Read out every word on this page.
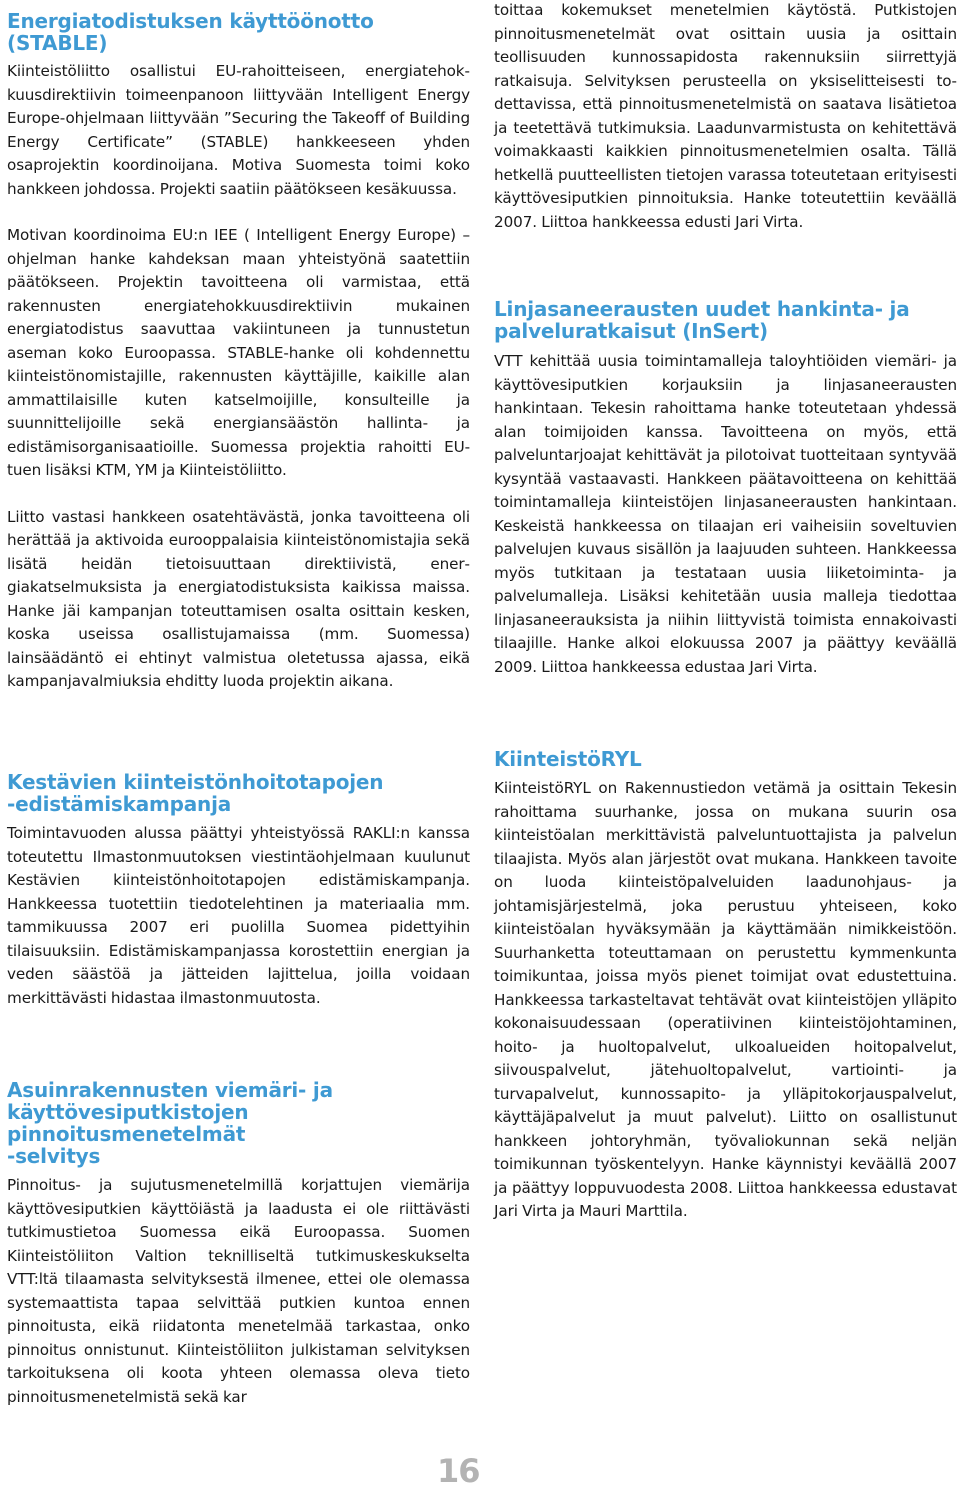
Energiatodistuksen käyttöönotto (STABLE)

Kiinteistöliitto osallistui EU-rahoitteiseen, energiatehokkuusdirektiivin toimeenpanoon liittyvään Intelligent Energy Europe-ohjelmaan liittyvään ”Securing the Takeoff of Building Energy Certificate” (STABLE) hankkeeseen yhden osaprojektin koordinoijana. Motiva Suomesta toimi koko hankkeen johdossa. Projekti saatiin päätökseen kesäkuussa.

Motivan koordinoima EU:n IEE ( Intelligent Energy Europe) –ohjelman hanke kahdeksan maan yhteistyönä saatettiin päätökseen. Projektin tavoitteena oli varmistaa, että rakennusten energiatehokkuusdirektiivin mukainen energiatodistus saavuttaa vakiintuneen ja tunnustetun aseman koko Euroopassa. STABLE-hanke oli kohdennettu kiinteistönomistajille, rakennusten käyttäjille, kaikille alan ammattilaisille kuten katselmoijille, konsulteille ja suunnittelijoille sekä energiansäästön hallinta- ja edistämisorganisaatioille. Suomessa projektia rahoitti EU-tuen lisäksi KTM, YM ja Kiinteistöliitto.

Liitto vastasi hankkeen osatehtävästä, jonka tavoitteena oli herättää ja aktivoida eurooppalaisia kiinteistönomistajia sekä lisätä heidän tietoisuuttaan direktiivistä, energiakatselmuksista ja energiatodistuksista kaikissa maissa. Hanke jäi kampanjan toteuttamisen osalta osittain kesken, koska useissa osallistujamaissa (mm. Suomessa) lainsäädäntö ei ehtinyt valmistua oletetussa ajassa, eikä kampanjavalmiuksia ehditty luoda projektin aikana.

Kestävien kiinteistönhoitotapojen
-edistämiskampanja

Toimintavuoden alussa päättyi yhteistyössä RAKLI:n kanssa toteutettu Ilmastonmuutoksen viestintäohjelmaan kuulunut Kestävien kiinteistönhoitotapojen edistämiskampanja. Hankkeessa tuotettiin tiedotelehtinen ja materiaalia mm. tammikuussa 2007 eri puolilla Suomea pidettyihin tilaisuuksiin. Edistämiskampanjassa korostettiin energian ja veden säästöä ja jätteiden lajittelua, joilla voidaan merkittävästi hidastaa ilmastonmuutosta.

Asuinrakennusten viemäri- ja
käyttövesiputkistojen pinnoitusmenetelmät
-selvitys

Pinnoitus- ja sujutusmenetelmillä korjattujen viemärija käyttövesiputkien käyttöiästä ja laadusta ei ole riittävästi tutkimustietoa Suomessa eikä Euroopassa. Suomen Kiinteistöliiton Valtion teknilliseltä tutkimuskeskukselta VTT:ltä tilaamasta selvityksestä ilmenee, ettei ole olemassa systemaattista tapaa selvittää putkien kuntoa ennen pinnoitusta, eikä riidatonta menetelmää tarkastaa, onko pinnoitus onnistunut. Kiinteistöliiton julkistaman selvityksen tarkoituksena oli koota yhteen olemassa oleva tieto pinnoitusmenetelmistä sekä kar

toittaa kokemukset menetelmien käytöstä. Putkistojen pinnoitusmenetelmät ovat osittain uusia ja osittain teollisuuden kunnossapidosta rakennuksiin siirrettyjä ratkaisuja. Selvityksen perusteella on yksiselitteisesti todettavissa, että pinnoitusmenetelmistä on saatava lisätietoa ja teetettävä tutkimuksia. Laadunvarmistusta on kehitettävä voimakkaasti kaikkien pinnoitusmenetelmien osalta. Tällä hetkellä puutteellisten tietojen varassa toteutetaan erityisesti käyttövesiputkien pinnoituksia. Hanke toteutettiin keväällä 2007. Liittoa hankkeessa edusti Jari Virta.

Linjasaneerausten uudet hankinta- ja
palveluratkaisut (InSert)

VTT kehittää uusia toimintamalleja taloyhtiöiden viemäri- ja käyttövesiputkien korjauksiin ja linjasaneerausten hankintaan. Tekesin rahoittama hanke toteutetaan yhdessä alan toimijoiden kanssa. Tavoitteena on myös, että palveluntarjoajat kehittävät ja pilotoivat tuotteitaan syntyvää kysyntää vastaavasti. Hankkeen päätavoitteena on kehittää toimintamalleja kiinteistöjen linjasaneerausten hankintaan. Keskeistä hankkeessa on tilaajan eri vaiheisiin soveltuvien palvelujen kuvaus sisällön ja laajuuden suhteen. Hankkeessa myös tutkitaan ja testataan uusia liiketoiminta- ja palvelumalleja. Lisäksi kehitetään uusia malleja tiedottaa linjasaneerauksista ja niihin liittyvistä toimista ennakoivasti tilaajille. Hanke alkoi elokuussa 2007 ja päättyy keväällä 2009. Liittoa hankkeessa edustaa Jari Virta.

KiinteistöRYL

KiinteistöRYL on Rakennustiedon vetämä ja osittain Tekesin rahoittama suurhanke, jossa on mukana suurin osa kiinteistöalan merkittävistä palveluntuottajista ja palvelun tilaajista. Myös alan järjestöt ovat mukana. Hankkeen tavoite on luoda kiinteistöpalveluiden laadunohjaus- ja johtamisjärjestelmä, joka perustuu yhteiseen, koko kiinteistöalan hyväksymään ja käyttämään nimikkeistöön. Suurhanketta toteuttamaan on perustettu kymmenkunta toimikuntaa, joissa myös pienet toimijat ovat edustettuina. Hankkeessa tarkasteltavat tehtävät ovat kiinteistöjen ylläpito kokonaisuudessaan (operatiivinen kiinteistöjohtaminen, hoito- ja huoltopalvelut, ulkoalueiden hoitopalvelut, siivouspalvelut, jätehuoltopalvelut, vartiointi- ja turvapalvelut, kunnossapito- ja ylläpitokorjauspalvelut, käyttäjäpalvelut ja muut palvelut). Liitto on osallistunut hankkeen johtoryhmän, työvaliokunnan sekä neljän toimikunnan työskentelyyn. Hanke käynnistyi keväällä 2007 ja päättyy loppuvuodesta 2008. Liittoa hankkeessa edustavat Jari Virta ja Mauri Marttila.

16
